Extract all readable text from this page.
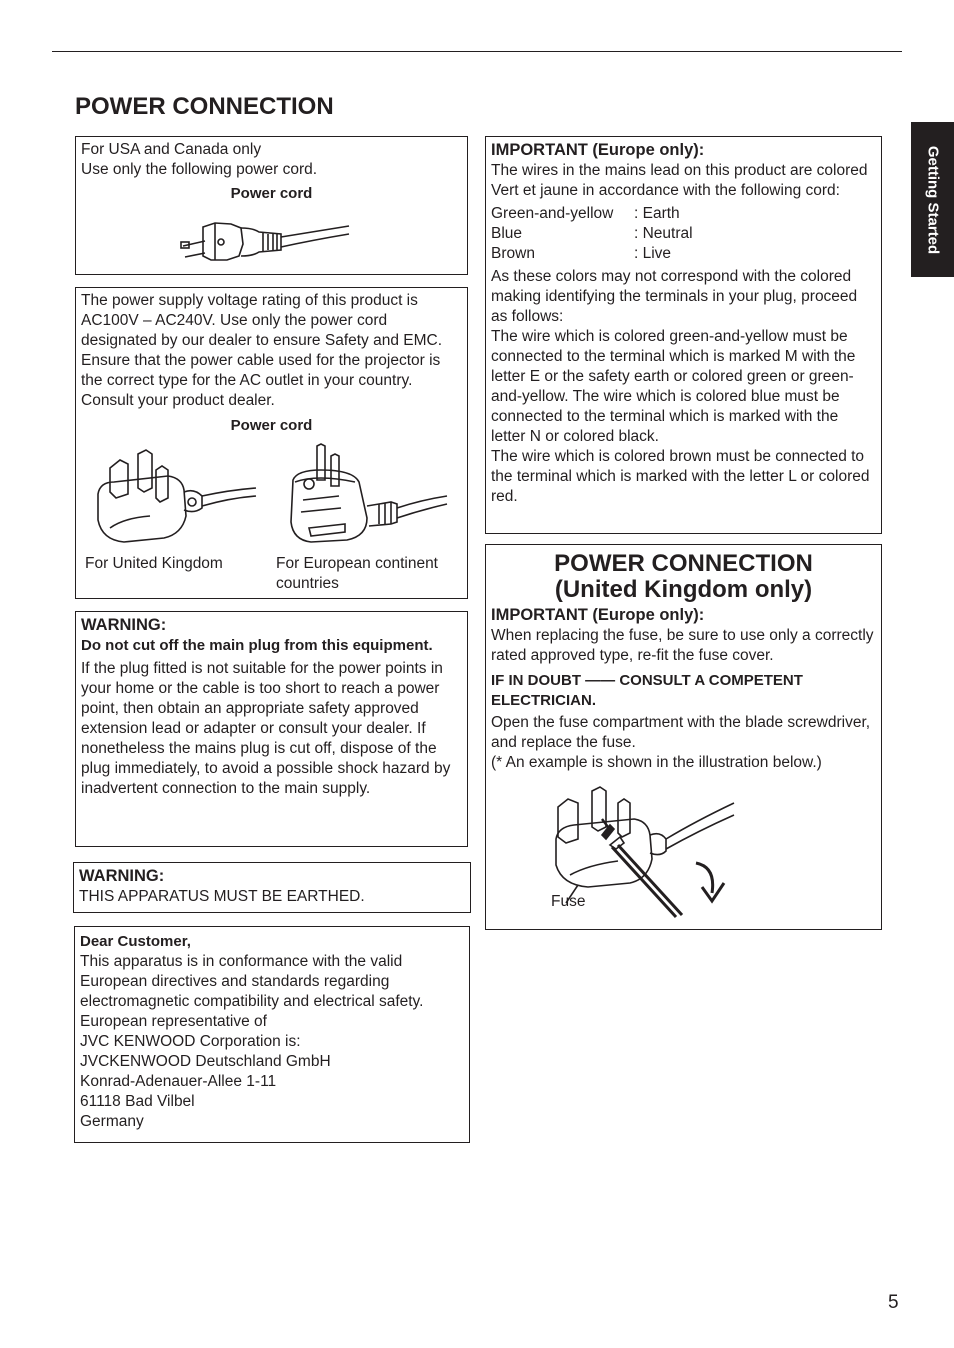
Getting Started
POWER CONNECTION

For USA and Canada only

Use only the following power cord.

Power cord

The power supply voltage rating of this product is AC100V – AC240V. Use only the power cord designated by our dealer to ensure Safety and EMC. Ensure that the power cable used for the projector is the correct type for the AC outlet in your country. Consult your product dealer.

Power cord

For United Kingdom	For European continent countries

WARNING:

Do not cut off the main plug from this equipment.

If the plug fitted is not suitable for the power points in your home or the cable is too short to reach a power point, then obtain an appropriate safety approved extension lead or adapter or consult your dealer. If nonetheless the mains plug is cut off, dispose of the plug immediately, to avoid a possible shock hazard by inadvertent connection to the main supply.

WARNING:

THIS APPARATUS MUST BE EARTHED.

Dear Customer,

This apparatus is in conformance with the valid

European directives and standards regarding

electromagnetic compatibility and electrical safety.

European representative of

JVC KENWOOD Corporation is:

JVCKENWOOD Deutschland GmbH

Konrad-Adenauer-Allee 1-11

61118 Bad Vilbel

Germany

IMPORTANT (Europe only):

The wires in the mains lead on this product are colored Vert et jaune in accordance with the following cord:

Green-and-yellow	: Earth
Blue	: Neutral
Brown	: Live

As these colors may not correspond with the colored making identifying the terminals in your plug, proceed as follows:

The wire which is colored green-and-yellow must be connected to the terminal which is marked M with the letter E or the safety earth or colored green or green-and-yellow. The wire which is colored blue must be connected to the terminal which is marked with the letter N or colored black.

The wire which is colored brown must be connected to the terminal which is marked with the letter L or colored red.

POWER CONNECTION
(United Kingdom only)

IMPORTANT (Europe only):

When replacing the fuse, be sure to use only a correctly rated approved type, re-fit the fuse cover.

IF IN DOUBT —— CONSULT A COMPETENT ELECTRICIAN.

Open the fuse compartment with the blade screwdriver, and replace the fuse.

(* An example is shown in the illustration below.)

Fuse
5
